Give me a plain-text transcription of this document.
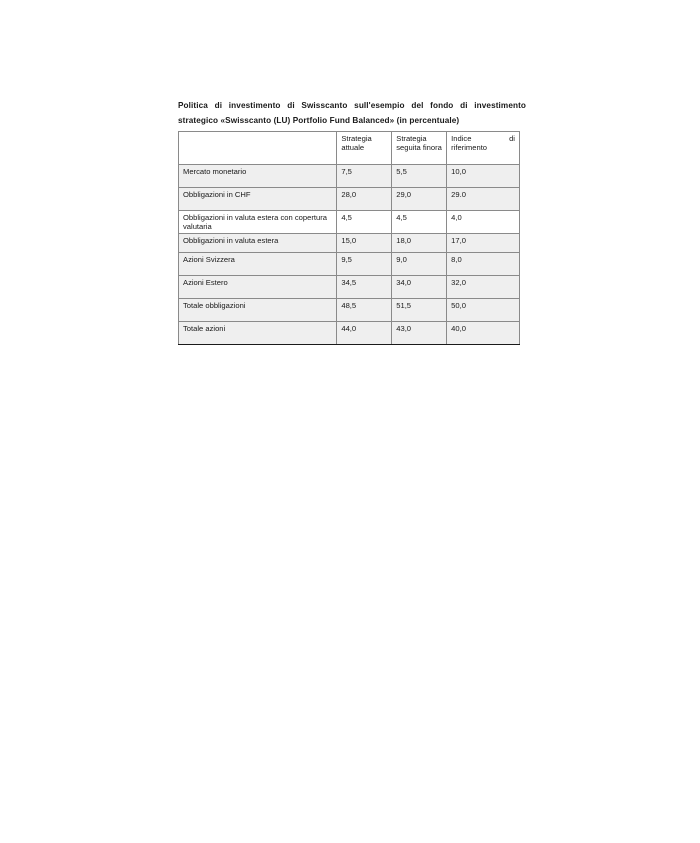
Politica di investimento di Swisscanto sull'esempio del fondo di investimento strategico «Swisscanto (LU) Portfolio Fund Balanced» (in percentuale)

	Strategia attuale	Strategia seguita finora	Indice di
riferimento

Mercato monetario	7,5	5,5	10,0
Obbligazioni in CHF	28,0	29,0	29.0
Obbligazioni in valuta estera con copertura valutaria	4,5	4,5	4,0
Obbligazioni in valuta estera	15,0	18,0	17,0
Azioni Svizzera	9,5	9,0	8,0
Azioni Estero	34,5	34,0	32,0
Totale obbligazioni	48,5	51,5	50,0
Totale azioni	44,0	43,0	40,0
